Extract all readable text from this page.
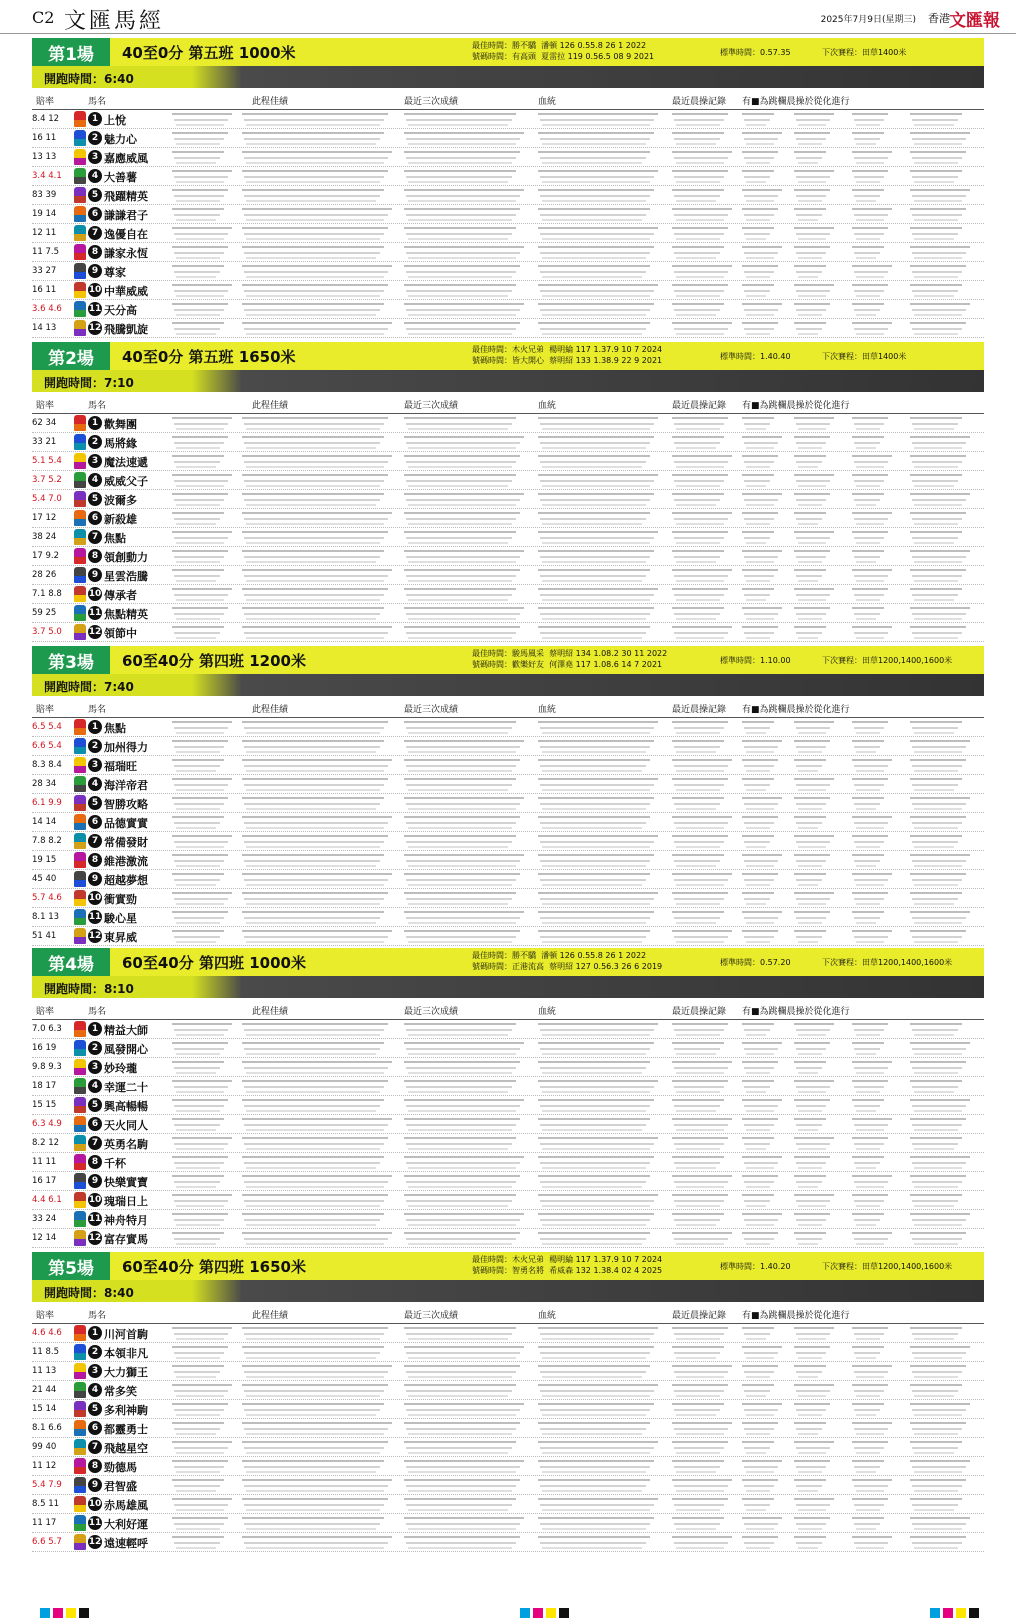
C2 文匯馬經	2025年7月9日(星期三) 香港 文匯報
第1場	40至0分 第五班 1000米	最佳時間：勝不驕  潘頓 126 0.55.8 26 1 2022
號碼時間：有高頭  夏雷拉 119 0.56.5 08 9 2021	標準時間：0.57.35	下次賽程：田草1400米
開跑時間：6:40
賠率	馬名	此程佳績	最近三次成績	血統	最近晨操記錄 有■為跳欄晨操於從化進行
8.4 12	1 上悅
16 11	2 魅力心
13 13	3 嘉應威風
3.4 4.1	4 大善薯
83 39	5 飛躍精英
19 14	6 謙謙君子
12 11	7 逸優自在
11 7.5	8 謙家永恆
33 27	9 尊家
16 11	10 中華威威
3.6 4.6	11 天分高
14 13	12 飛騰凱旋
第2場	40至0分 第五班 1650米	最佳時間：木火兄弟  楊明綸 117 1.37.9 10 7 2024
號碼時間：皆大開心  蔡明紹 133 1.38.9 22 9 2021	標準時間：1.40.40	下次賽程：田草1400米
開跑時間：7:10
賠率	馬名	此程佳績	最近三次成績	血統	最近晨操記錄 有■為跳欄晨操於從化進行
62 34	1 歡舞團
33 21	2 馬將緣
5.1 5.4	3 魔法速遞
3.7 5.2	4 威威父子
5.4 7.0	5 波爾多
17 12	6 新殺雄
38 24	7 焦點
17 9.2	8 領創動力
28 26	9 星雲浩騰
7.1 8.8	10 傳承者
59 25	11 焦點精英
3.7 5.0	12 領節中
第3場	60至40分 第四班 1200米	最佳時間：駿馬風采  蔡明紹 134 1.08.2 30 11 2022
號碼時間：歡樂好友  何澤堯 117 1.08.6 14 7 2021	標準時間：1.10.00	下次賽程：田草1200,1400,1600米
開跑時間：7:40
賠率	馬名	此程佳績	最近三次成績	血統	最近晨操記錄 有■為跳欄晨操於從化進行
6.5 5.4	1 焦點
6.6 5.4	2 加州得力
8.3 8.4	3 福瑞旺
28 34	4 海洋帝君
6.1 9.9	5 智勝攻略
14 14	6 品德實實
7.8 8.2	7 常備發財
19 15	8 維港激流
45 40	9 超越夢想
5.7 4.6	10 衝實勁
8.1 13	11 駿心星
51 41	12 東昇威
第4場	60至40分 第四班 1000米	最佳時間：勝不驕  潘頓 126 0.55.8 26 1 2022
號碼時間：正港流高  蔡明紹 127 0.56.3 26 6 2019	標準時間：0.57.20	下次賽程：田草1200,1400,1600米
開跑時間：8:10
賠率	馬名	此程佳績	最近三次成績	血統	最近晨操記錄 有■為跳欄晨操於從化進行
7.0 6.3	1 精益大師
16 19	2 風發開心
9.8 9.3	3 妙玲瓏
18 17	4 幸運二十
15 15	5 興高暢暢
6.3 4.9	6 天火同人
8.2 12	7 英勇名駒
11 11	8 千杯
16 17	9 快樂實寶
4.4 6.1	10 瑰瑞日上
33 24	11 神舟特月
12 14	12 富存實馬
第5場	60至40分 第四班 1650米	最佳時間：木火兄弟  楊明綸 117 1.37.9 10 7 2024
號碼時間：智勇名將  希威森 132 1.38.4 02 4 2025	標準時間：1.40.20	下次賽程：田草1200,1400,1600米
開跑時間：8:40
賠率	馬名	此程佳績	最近三次成績	血統	最近晨操記錄 有■為跳欄晨操於從化進行
4.6 4.6	1 川河首駒
11 8.5	2 本領非凡
11 13	3 大力獅王
21 44	4 常多笑
15 14	5 多利神駒
8.1 6.6	6 都靈勇士
99 40	7 飛越星空
11 12	8 勁德馬
5.4 7.9	9 君智盛
8.5 11	10 赤馬雄風
11 17	11 大利好運
6.6 5.7	12 遠速輕呼
